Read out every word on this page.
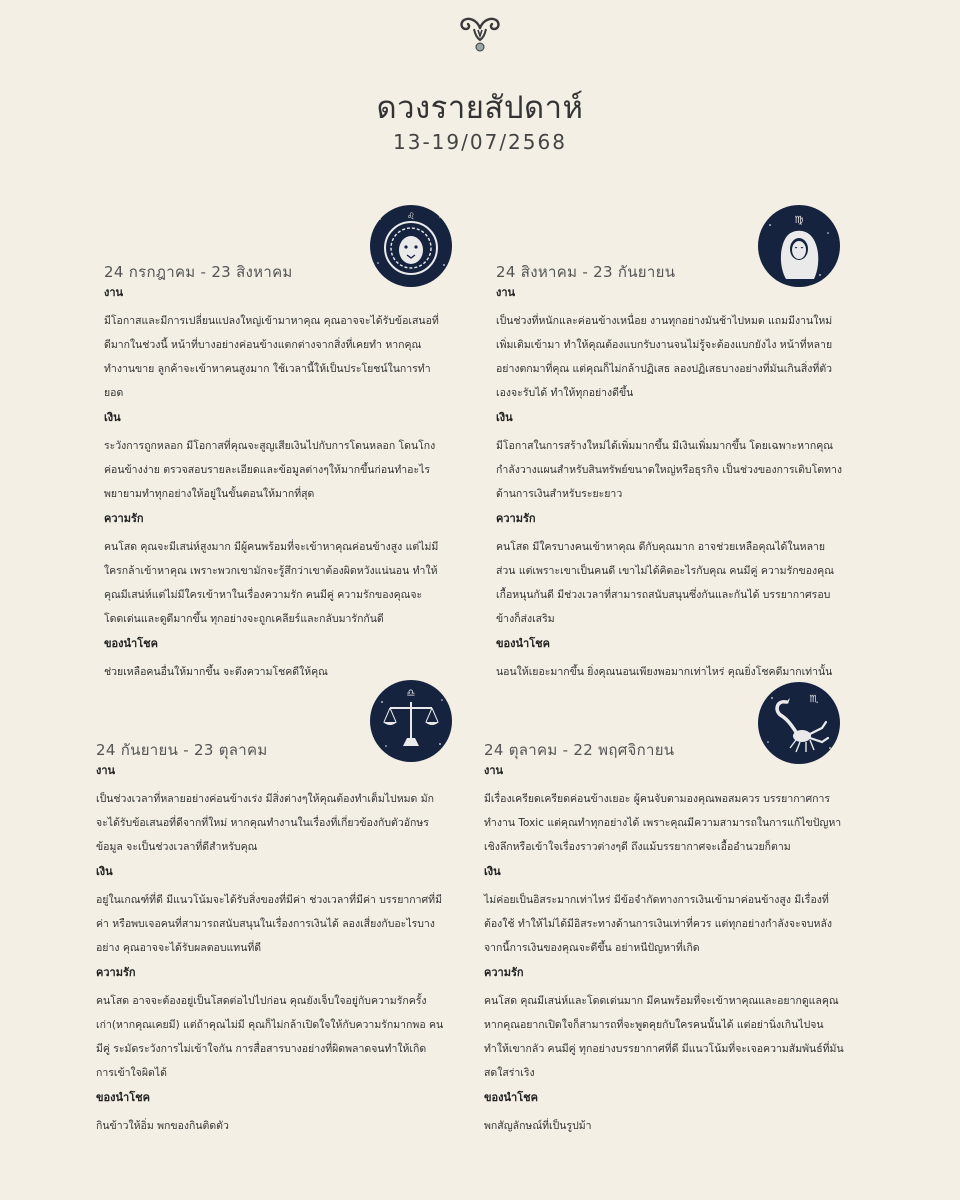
ดวงรายสัปดาห์
13-19/07/2568
♌	♍
♎
♏
24 กรกฎาคม - 23 สิงหาคม
งาน
มีโอกาสและมีการเปลี่ยนแปลงใหญ่เข้ามาหาคุณ คุณอาจจะได้รับข้อเสนอที่ดีมากในช่วงนี้ หน้าที่บางอย่างค่อนข้างแตกต่างจากสิ่งที่เคยทำ หากคุณทำงานขาย ลูกค้าจะเข้าหาคนสูงมาก ใช้เวลานี้ให้เป็นประโยชน์ในการทำยอด
เงิน
ระวังการถูกหลอก มีโอกาสที่คุณจะสูญเสียเงินไปกับการโดนหลอก โดนโกงค่อนข้างง่าย ตรวจสอบรายละเอียดและข้อมูลต่างๆให้มากขึ้นก่อนทำอะไร พยายามทำทุกอย่างให้อยู่ในขั้นตอนให้มากที่สุด
ความรัก
คนโสด คุณจะมีเสน่ห์สูงมาก มีผู้คนพร้อมที่จะเข้าหาคุณค่อนข้างสูง แต่ไม่มีใครกล้าเข้าหาคุณ เพราะพวกเขามักจะรู้สึกว่าเขาต้องผิดหวังแน่นอน ทำให้คุณมีเสน่ห์แต่ไม่มีใครเข้าหาในเรื่องความรัก คนมีคู่ ความรักของคุณจะโดดเด่นและดูดีมากขึ้น ทุกอย่างจะถูกเคลียร์และกลับมารักกันดี
ของนำโชค
ช่วยเหลือคนอื่นให้มากขึ้น จะดึงความโชคดีให้คุณ
24 สิงหาคม - 23 กันยายน
งาน
เป็นช่วงที่หนักและค่อนข้างเหนื่อย งานทุกอย่างมันช้าไปหมด แถมมีงานใหม่เพิ่มเติมเข้ามา ทำให้คุณต้องแบกรับงานจนไม่รู้จะต้องแบกยังไง หน้าที่หลายอย่างตกมาที่คุณ แต่คุณก็ไม่กล้าปฏิเสธ ลองปฏิเสธบางอย่างที่มันเกินสิ่งที่ตัวเองจะรับได้ ทำให้ทุกอย่างดีขึ้น
เงิน
มีโอกาสในการสร้างใหม่ได้เพิ่มมากขึ้น มีเงินเพิ่มมากขึ้น โดยเฉพาะหากคุณกำลังวางแผนสำหรับสินทรัพย์ขนาดใหญ่หรือธุรกิจ เป็นช่วงของการเติบโตทางด้านการเงินสำหรับระยะยาว
ความรัก
คนโสด มีใครบางคนเข้าหาคุณ ดีกับคุณมาก อาจช่วยเหลือคุณได้ในหลายส่วน แต่เพราะเขาเป็นคนดี เขาไม่ได้คิดอะไรกับคุณ คนมีคู่ ความรักของคุณเกื้อหนุนกันดี มีช่วงเวลาที่สามารถสนับสนุนซึ่งกันและกันได้ บรรยากาศรอบข้างก็ส่งเสริม
ของนำโชค
นอนให้เยอะมากขึ้น ยิ่งคุณนอนเพียงพอมากเท่าไหร่ คุณยิ่งโชคดีมากเท่านั้น
24 กันยายน - 23 ตุลาคม
งาน
เป็นช่วงเวลาที่หลายอย่างค่อนข้างเร่ง มีสิ่งต่างๆให้คุณต้องทำเต็มไปหมด มักจะได้รับข้อเสนอที่ดีจากที่ใหม่ หากคุณทำงานในเรื่องที่เกี่ยวข้องกับตัวอักษร ข้อมูล จะเป็นช่วงเวลาที่ดีสำหรับคุณ
เงิน
อยู่ในเกณฑ์ที่ดี มีแนวโน้มจะได้รับสิ่งของที่มีค่า ช่วงเวลาที่มีค่า บรรยากาศที่มีค่า หรือพบเจอคนที่สามารถสนับสนุนในเรื่องการเงินได้ ลองเสี่ยงกับอะไรบางอย่าง คุณอาจจะได้รับผลตอบแทนที่ดี
ความรัก
คนโสด อาจจะต้องอยู่เป็นโสดต่อไปไปก่อน คุณยังเจ็บใจอยู่กับความรักครั้งเก่า(หากคุณเคยมี) แต่ถ้าคุณไม่มี คุณก็ไม่กล้าเปิดใจให้กับความรักมากพอ คนมีคู่ ระมัดระวังการไม่เข้าใจกัน การสื่อสารบางอย่างที่ผิดพลาดจนทำให้เกิดการเข้าใจผิดได้
ของนำโชค
กินข้าวให้อิ่ม พกของกินติดตัว
24 ตุลาคม - 22 พฤศจิกายน
งาน
มีเรื่องเครียดเครียดค่อนข้างเยอะ ผู้คนจับตามองคุณพอสมควร บรรยากาศการทำงาน Toxic แต่คุณทำทุกอย่างได้ เพราะคุณมีความสามารถในการแก้ไขปัญหาเชิงลึกหรือเข้าใจเรื่องราวต่างๆดี ถึงแม้บรรยากาศจะเอื้ออำนวยก็ตาม
เงิน
ไม่ค่อยเป็นอิสระมากเท่าไหร่ มีข้อจำกัดทางการเงินเข้ามาค่อนข้างสูง มีเรื่องที่ต้องใช้ ทำให้ไม่ได้มีอิสระทางด้านการเงินเท่าที่ควร แต่ทุกอย่างกำลังจะจบหลังจากนี้การเงินของคุณจะดีขึ้น อย่าหนีปัญหาที่เกิด
ความรัก
คนโสด คุณมีเสน่ห์และโดดเด่นมาก มีคนพร้อมที่จะเข้าหาคุณและอยากดูแลคุณ หากคุณอยากเปิดใจก็สามารถที่จะพูดคุยกับใครคนนั้นได้ แต่อย่านิ่งเกินไปจนทำให้เขากลัว คนมีคู่ ทุกอย่างบรรยากาศที่ดี มีแนวโน้มที่จะเจอความสัมพันธ์ที่มันสดใสร่าเริง
ของนำโชค
พกสัญลักษณ์ที่เป็นรูปม้า
